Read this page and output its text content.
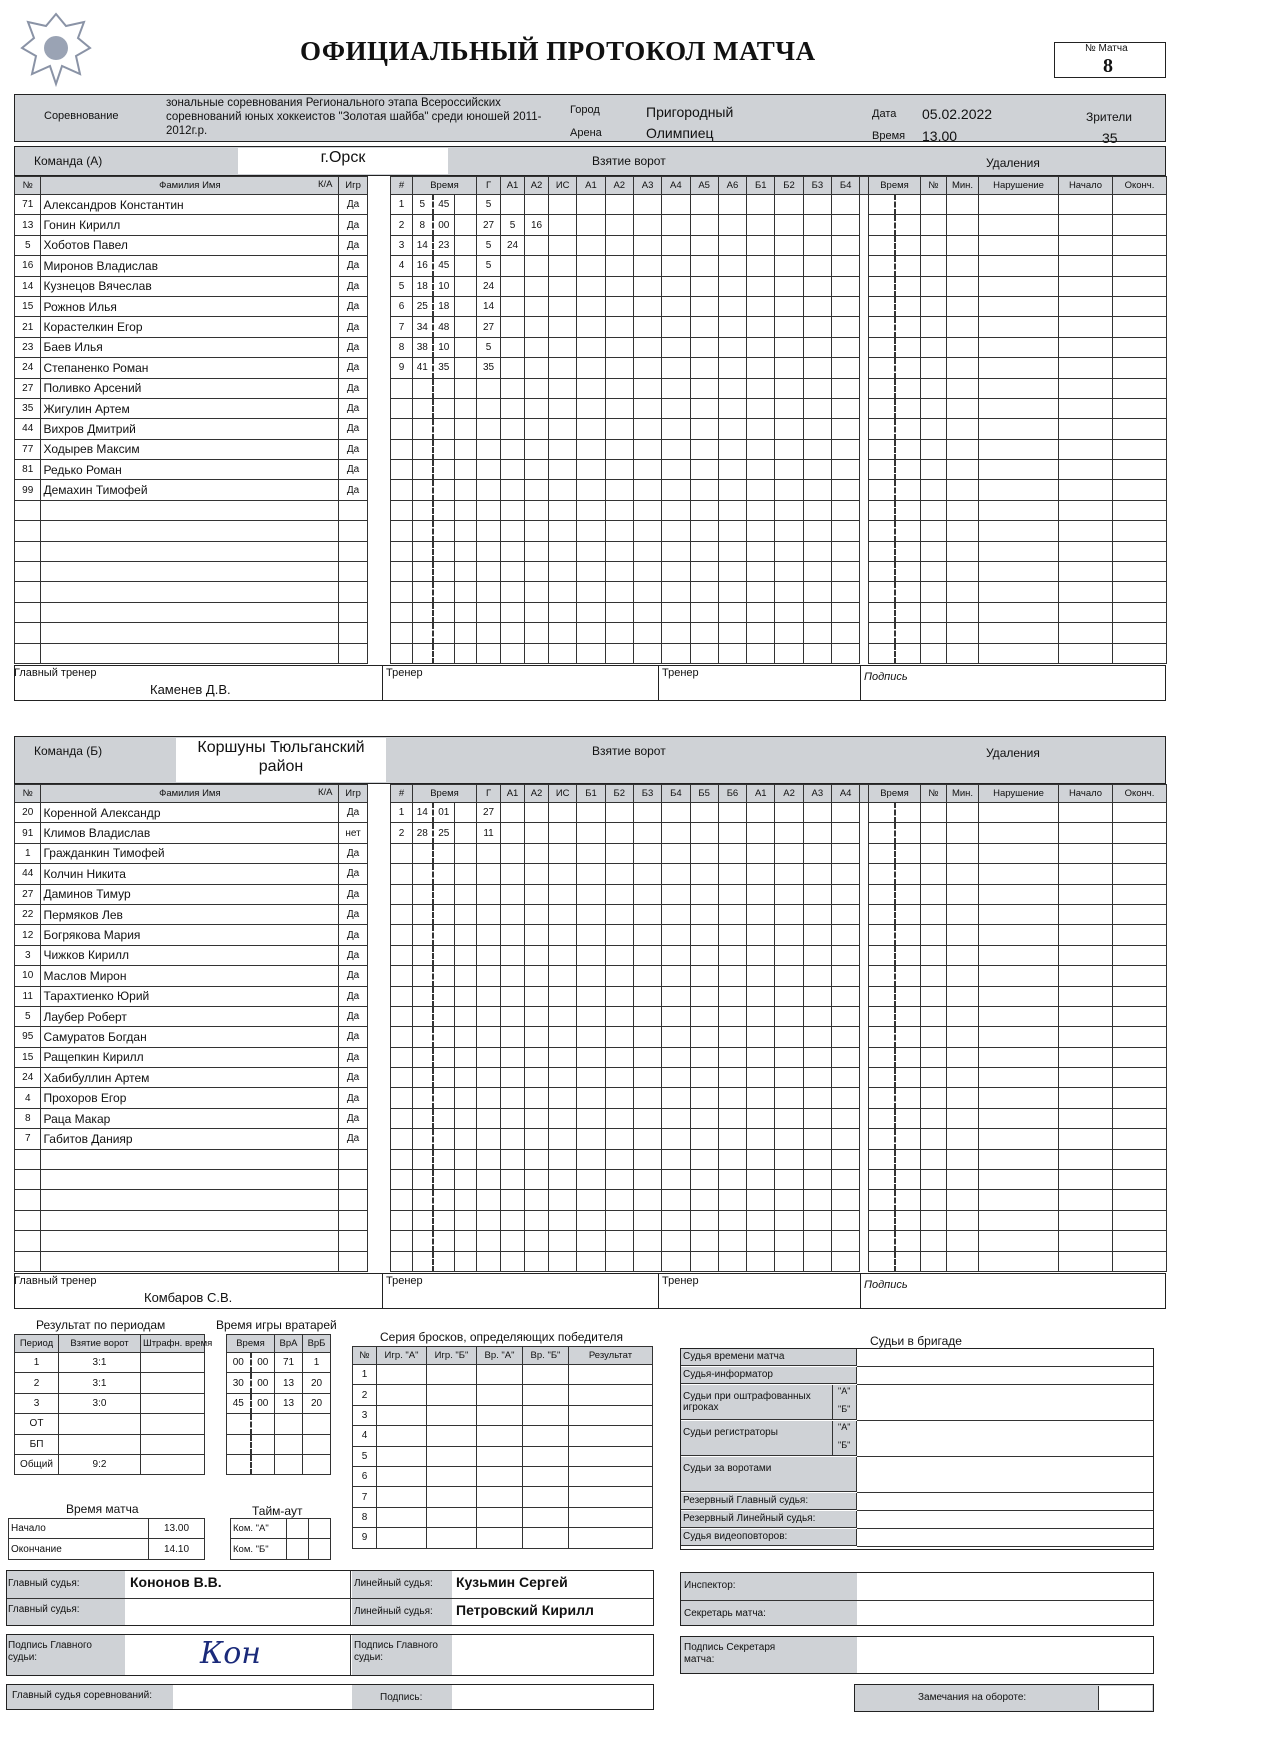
ОФИЦИАЛЬНЫЙ ПРОТОКОЛ МАТЧА	№ Матча
8
Соревнование
зональные соревнования Регионального этапа Всероссийских соревнований юных хоккеистов "Золотая шайба" среди юношей 2011-2012г.р.
Город	Пригородный
Арена	Олимпиец
Дата 05.02.2022
Время 13.00
Зрители
35
Команда (А)	г.Орск	Взятие ворот	Удаления
№	Фамилия Имя		Игр
71	Александров Константин		Да
13	Гонин Кирилл		Да
5	Хоботов Павел		Да
16	Миронов Владислав		Да
14	Кузнецов Вячеслав		Да
15	Рожнов Илья		Да
21	Корастелкин Егор		Да
23	Баев Илья		Да
24	Степаненко Роман		Да
27	Поливко Арсений		Да
35	Жигулин Артем		Да
44	Вихров Дмитрий		Да
77	Ходырев Максим		Да
81	Редько Роман		Да
99	Демахин Тимофей		Да

К/А	#	Время			Г	А1	А2	ИС	А1	А2	А3	А4	А5	А6	Б1	Б2	Б3	Б4	
1	5	45		5														
2	8	00		27	5	16												
3	14	23		5	24													
4	16	45		5														
5	18	10		24														
6	25	18		14														
7	34	48		27														
8	38	10		5														
9	41	35		35														

Время		№	Мин.	Нарушение	Начало	Оконч.

Главный тренер
Каменев Д.В.
Тренер	Тренер	Подпись
Команда (Б)	Коршуны Тюльганский район
Взятие ворот	Удаления
№	Фамилия Имя		Игр
20	Коренной Александр		Да
91	Климов Владислав		нет
1	Гражданкин Тимофей		Да
44	Колчин Никита		Да
27	Даминов Тимур		Да
22	Пермяков Лев		Да
12	Богрякова Мария		Да
3	Чижков Кирилл		Да
10	Маслов Мирон		Да
11	Тарахтиенко Юрий		Да
5	Лаубер Роберт		Да
95	Самуратов Богдан		Да
15	Ращепкин Кирилл		Да
24	Хабибуллин Артем		Да
4	Прохоров Егор		Да
8	Раца Макар		Да
7	Габитов Данияр		Да

К/А	#	Время			Г	А1	А2	ИС	Б1	Б2	Б3	Б4	Б5	Б6	А1	А2	А3	А4	
1	14	01		27														
2	28	25		11														

Время		№	Мин.	Нарушение	Начало	Оконч.

Главный тренер
Комбаров С.В.
Тренер	Тренер	Подпись
Результат по периодам
Период	Взятие ворот	Штрафн. время
1	3:1	
2	3:1	
3	3:0	
ОТ		
БП		
Общий	9:2	
Время игры вратарей
Время		ВрА	ВрБ
00	00	71	1
30	00	13	20
45	00	13	20

Серия бросков, определяющих победителя
№	Игр. "А"	Игр. "Б"	Вр. "А"	Вр. "Б"	Результат
1					
2					
3					
4					
5					
6					
7					
8					
9					
Время матча
Начало	13.00
Окончание	14.10
Тайм-аут
Ком. "А"		
Ком. "Б"		
Судьи в бригаде
Судья времени матча
Судья-информатор
Судьи при оштрафованных игроках
"А"
"Б"
Судьи регистраторы	"А"
"Б"
Судьи за воротами
Резервный Главный судья:
Резервный Линейный судья:
Судья видеоповторов:
Инспектор:
Секретарь матча:
Подпись Секретаря матча:
Замечания на обороте:
Главный судья:	Кононов В.В.
Главный судья:
Линейный судья: Кузьмин Сергей
Линейный судья: Петровский Кирилл
Подпись Главного судьи:
Подпись Главного судьи:
Кон
Главный судья соревнований:	Подпись:
